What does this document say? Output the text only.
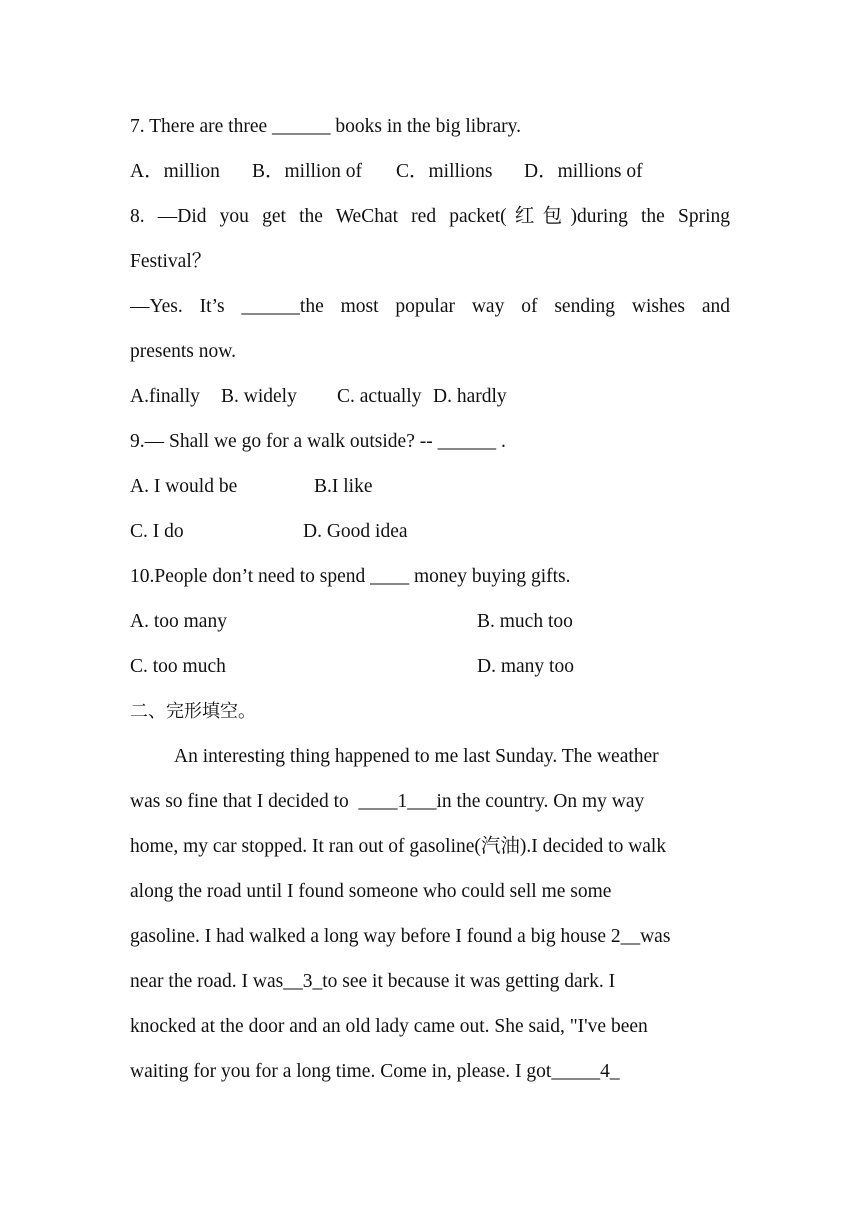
7. There are three ______ books in the big library.
A．million B．million of C．millions D．millions of
8. —Did you get the WeChat red packet(红包)during the Spring
Festival？
—Yes. It’s ______the most popular way of sending wishes and
presents now.
A.finally B. widely C. actually D. hardly
9.— Shall we go for a walk outside? -- ______ .
A. I would be	B.I like
C. I do	D. Good idea
10.People don’t need to spend ____ money buying gifts.
A. too many	B. much too
C. too much	D. many too
二、完形填空。
An interesting thing happened to me last Sunday. The weather
was so fine that I decided to  ____1___in the country. On my way
home, my car stopped. It ran out of gasoline(汽油).I decided to walk
along the road until I found someone who could sell me some
gasoline. I had walked a long way before I found a big house 2__was
near the road. I was__3_to see it because it was getting dark. I
knocked at the door and an old lady came out. She said, "I've been
waiting for you for a long time. Come in, please. I got_____4_
